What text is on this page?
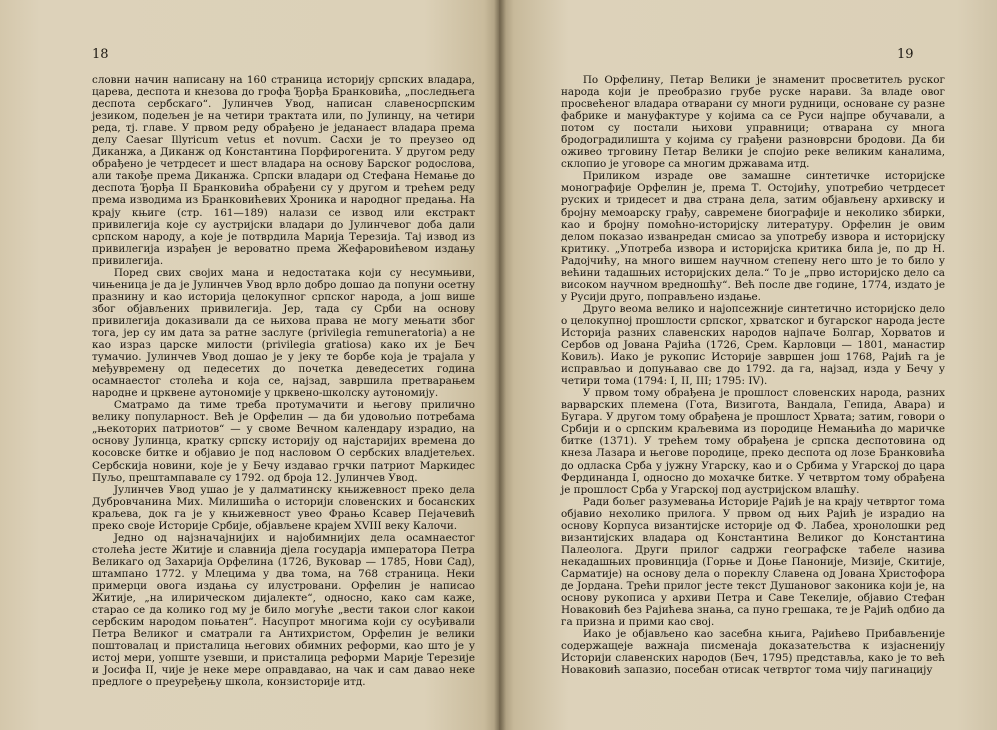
18

словни начин написану на 160 страница историју српских владара, царева, деспота и кнезова до грофа Ђорђа Бранковића, „последњега деспота сербскаго“. Јулинчев Увод, написан славеносрпским језиком, подељен је на четири трактата или, по Јулинцу, на четири реда, тј. главе. У првом реду обрађено је једанаест владара према делу Caesar Illyricum vetus et novum. Сасхи је то преузео од Диканжа, а Диканж од Константина Порфирогенита. У другом реду обрађено је четрдесет и шест владара на основу Барског родослова, али такође према Диканжа. Српски владари од Стефана Немање до деспота Ђорђа II Бранковића обрађени су у другом и трећем реду према изводима из Бранковићевих Хроника и народног предања. На крају књиге (стр. 161—189) налази се извод или екстракт привилегија које су аустријски владари до Јулинчевог доба дали српском народу, а које је потврдила Марија Терезија. Тај извод из привилегија израђен је вероватно према Жефаровићевом издању привилегија.

Поред свих својих мана и недостатака који су несумњиви, чињеница је да је Јулинчев Увод врло добро дошао да попуни осетну празнину и као историја целокупног српског народа, а још више због објављених привилегија. Јер, тада су Срби на основу привилегија доказивали да се њихова права не могу мењати због тога, јер су им дата за ратне заслуге (privilegia remuneratoria) а не као израз царске милости (privilegia gratiosa) како их је Беч тумачио. Јулинчев Увод дошао је у јеку те борбе која је трајала у међувремену од педесетих до почетка деведесетих година осамнаестог столећа и која се, најзад, завршила претварањем народне и црквене аутономије у црквено-школску аутономију.

Сматрамо да тиме треба протумачити и његову прилично велику популарност. Већ је Орфелин — да би удовољио потребама „њекоторих патриотов“ — у своме Вечном календару израдио, на основу Јулинца, кратку српску историју од најстаријих времена до косовске битке и објавио је под насловом О сербских владјетељех. Сербскија новини, које је у Бечу издавао грчки патриот Маркидес Пуљо, прештампавале су 1792. од броја 12. Јулинчев Увод.

Јулинчев Увод ушао је у далматинску књижевност преко дела Дубровчанина Мих. Милишића о историји словенских и босанских краљева, док га је у књижевност увео Фрањо Ксавер Пејачевић преко своје Историје Србије, објављене крајем XVIII веку Калочи.

Једно од најзначајнијих и најобимнијих дела осамнаестог столећа јесте Житије и славнија дјела государја императора Петра Великаго од Захарија Орфелина (1726, Вуковар — 1785, Нови Сад), штампано 1772. у Млецима у два тома, на 768 страница. Неки примерци овога издања су илустровани. Орфелин је написао Житије, „на илирическом дијалекте“, односно, како сам каже, старао се да колико год му је било могуће „вести такои слог какои сербским народом поњатен“. Насупрот многима који су осуђивали Петра Великог и сматрали га Антихристом, Орфелин је велики поштовалац и присталица његових обимних реформи, као што је у истој мери, уопште узевши, и присталица реформи Марије Терезије и Јосифа II, чије је неке мере оправдавао, на чак и сам давао неке предлоге о преуређењу школа, конзисторије итд.

19

По Орфелину, Петар Велики је знаменит просветитељ руског народа који је преобразио грубе руске нарави. За владе овог просвећеног владара отварани су многи рудници, основане су разне фабрике и мануфактуре у којима са се Руси најпре обучавали, а потом су постали њихови управници; отварана су многа бродоградилишта у којима су грађени разноврсни бродови. Да би оживео трговину Петар Велики је спојио реке великим каналима, склопио је уговоре са многим државама итд.

Приликом израде ове замашне синтетичке историјске монографије Орфелин је, према Т. Остојићу, употребио четрдесет руских и тридесет и два страна дела, затим објављену архивску и бројну мемоарску грађу, савремене биографије и неколико збирки, као и бројну помоћно-историјску литературу. Орфелин је овим делом показао изванредан смисао за употребу извора и историјску критику. „Употреба извора и историјска критика била је, по др Н. Радојчићу, на много вишем научном степену него што је то било у већини тадашњих историјских дела.“ То је „прво историјско дело са високом научном вредношћу“. Већ после две године, 1774, издато је у Русији друго, поправљено издање.

Друго веома велико и најопсежније синтетично историјско дело о целокупној прошлости српског, хрватског и бугарског народа јесте Историја разних славенских народов најпаче Болгар, Хорватов и Сербов од Јована Рајића (1726, Срем. Карловци — 1801, манастир Ковиљ). Иако је рукопис Историје завршен још 1768, Рајић га је исправљао и допуњавао све до 1792. да га, најзад, изда у Бечу у четири тома (1794: I, II, III; 1795: IV).

У првом тому обрађена је прошлост словенских народа, разних варварских племена (Гота, Визигота, Вандала, Гепида, Авара) и Бугара. У другом тому обрађена је прошлост Хрвата; затим, говори о Србији и о српским краљевима из породице Немањића до маричке битке (1371). У трећем тому обрађена је српска деспотовина од кнеза Лазара и његове породице, преко деспота од лозе Бранковића до одласка Срба у јужну Угарску, као и о Србима у Угарској до цара Фердинанда I, односно до мохачке битке. У четвртом тому обрађена је прошлост Срба у Угарској под аустријском влашћу.

Ради бољег разумевања Историје Рајић је на крају четвртог тома објавио нехолико прилога. У првом од њих Рајић је израдио на основу Корпуса византијске историје од Ф. Лабеа, хронолошки ред византијских владара од Константина Великог до Константина Палеолога. Други прилог садржи географске табеле назива некадашњих провинција (Горње и Доње Паноније, Мизије, Скитије, Сарматије) на основу дела о пореклу Славена од Јована Христофора де Јордана. Трећи прилог јесте текст Душановог законика који је, на основу рукописа у архиви Петра и Саве Текелије, објавио Стефан Новаковић без Рајићева знања, са пуно грешака, те је Рајић одбио да га призна и прими као свој.

Иако је објављено као засебна књига, Рајићево Прибављеније содержащеје важнаја писменаја доказатељства к изјасненију Историји славенских народов (Беч, 1795) представља, како је то већ Новаковић запазио, посебан отисак четвртог тома чију пагинацију
